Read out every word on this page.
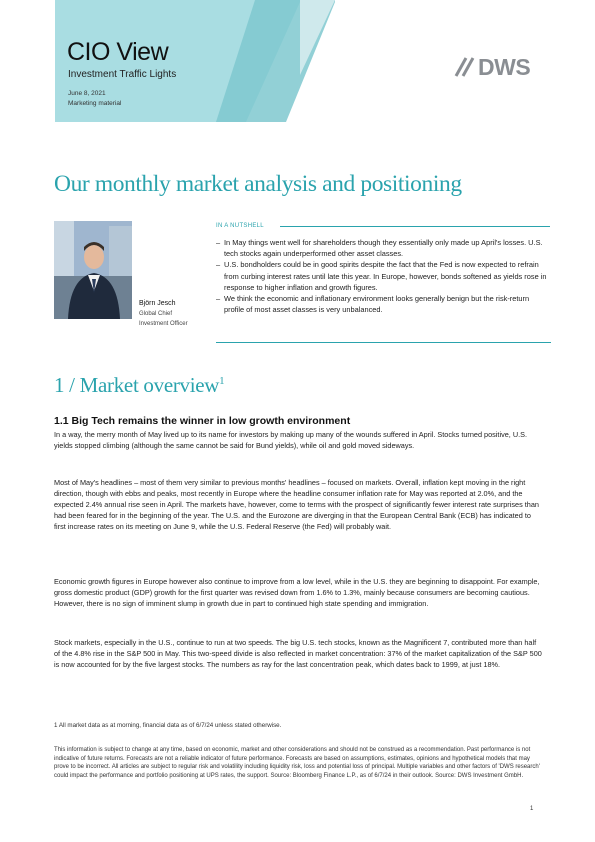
CIO View
Investment Traffic Lights
June 8, 2021
Marketing material
DWS
Our monthly market analysis and positioning
Björn Jesch
Global Chief
Investment Officer
IN A NUTSHELL
– In May things went well for shareholders though they essentially only made up April's losses. U.S. tech stocks again underperformed other asset classes.
– U.S. bondholders could be in good spirits despite the fact that the Fed is now expected to refrain from curbing interest rates until late this year. In Europe, however, bonds softened as yields rose in response to higher inflation and growth figures.
– We think the economic and inflationary environment looks generally benign but the risk-return profile of most asset classes is very unbalanced.
1 / Market overview$^1$
1.1 Big Tech remains the winner in low growth environment

In a way, the merry month of May lived up to its name for investors by making up many of the wounds suffered in April. Stocks turned positive, U.S. yields stopped climbing (although the same cannot be said for Bund yields), while oil and gold moved sideways.

Most of May's headlines – most of them very similar to previous months' headlines – focused on markets. Overall, inflation kept moving in the right direction, though with ebbs and peaks, most recently in Europe where the headline consumer inflation rate for May was reported at 2.0%, and the expected 2.4% annual rise seen in April. The markets have, however, come to terms with the prospect of significantly fewer interest rate surprises than had been feared for in the beginning of the year. The U.S. and the Eurozone are diverging in that the European Central Bank (ECB) has indicated to first increase rates on its meeting on June 9, while the U.S. Federal Reserve (the Fed) will probably wait.

Economic growth figures in Europe however also continue to improve from a low level, while in the U.S. they are beginning to disappoint. For example, gross domestic product (GDP) growth for the first quarter was revised down from 1.6% to 1.3%, mainly because consumers are becoming cautious. However, there is no sign of imminent slump in growth due in part to continued high state spending and immigration.

Stock markets, especially in the U.S., continue to run at two speeds. The big U.S. tech stocks, known as the Magnificent 7, contributed more than half of the 4.8% rise in the S&P 500 in May. This two-speed divide is also reflected in market concentration: 37% of the market capitalization of the S&P 500 is now accounted for by the five largest stocks. The numbers as ray for the last concentration peak, which dates back to 1999, at just 18%.

1 All market data as at morning, financial data as of 6/7/24 unless stated otherwise.

This information is subject to change at any time, based on economic, market and other considerations and should not be construed as a recommendation. Past performance is not indicative of future returns. Forecasts are not a reliable indicator of future performance. Forecasts are based on assumptions, estimates, opinions and hypothetical models that may prove to be incorrect. All articles are subject to regular risk and volatility including liquidity risk, loss and potential loss of principal. Multiple variables and other factors of 'DWS research' could impact the performance and portfolio positioning at UPS rates, the support. Source: Bloomberg Finance L.P., as of 6/7/24 in their outlook. Source: DWS Investment GmbH.

1
